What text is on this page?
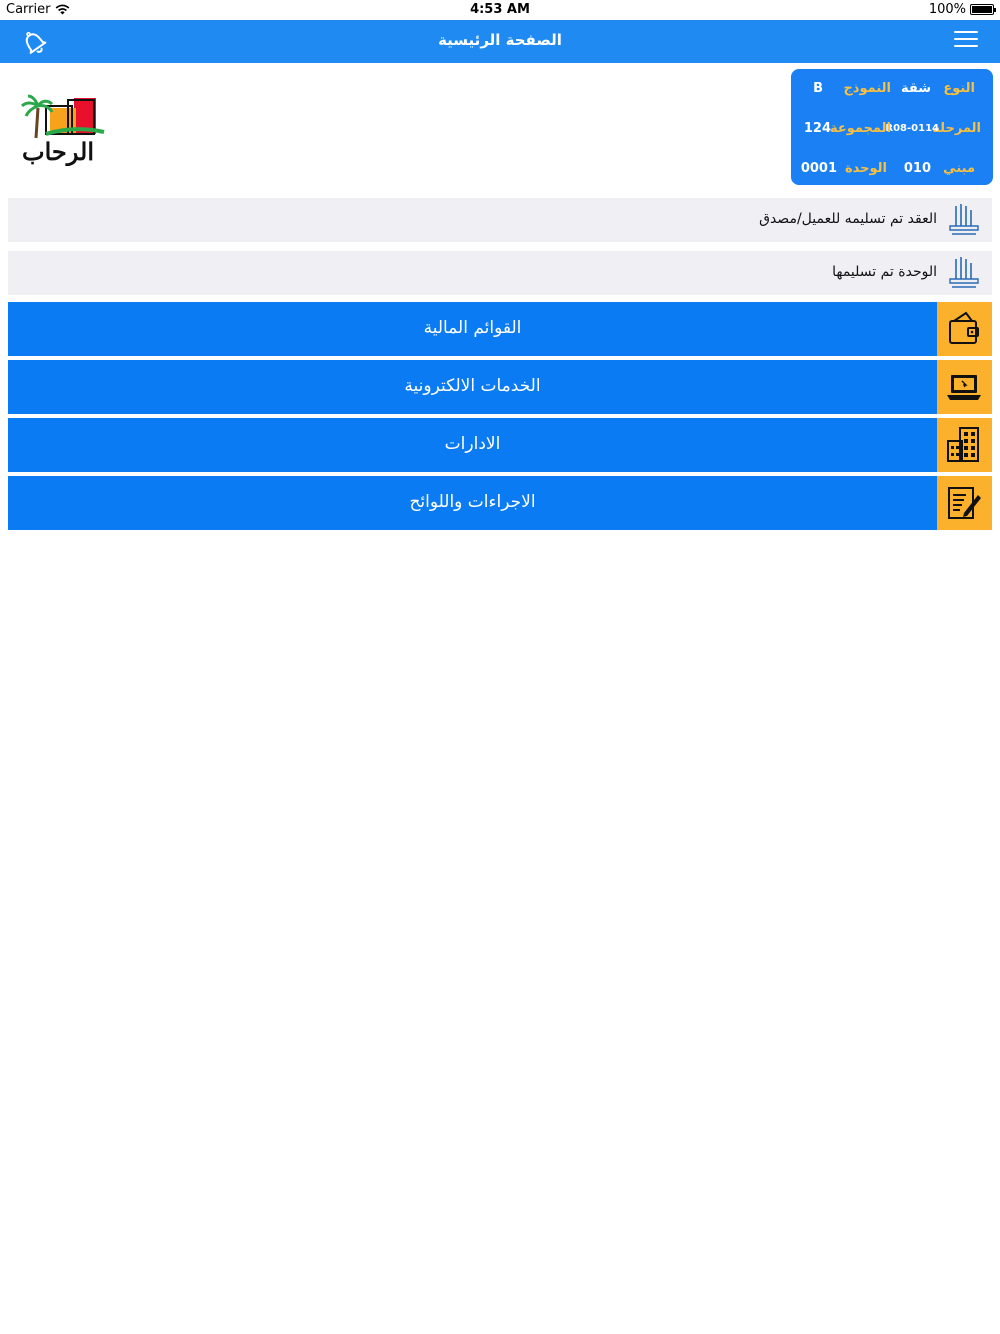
Carrier	4:53 AM	100%
الصفحة الرئيسية
الرحاب
النوع
شقة
النموذج
B
المرحلة
R08-0114
المجموعة
124
مبني
010
الوحدة
0001
العقد تم تسليمه للعميل/مصدق
الوحدة تم تسليمها
القوائم المالية
الخدمات الالكترونية
الادارات
الاجراءات واللوائح
